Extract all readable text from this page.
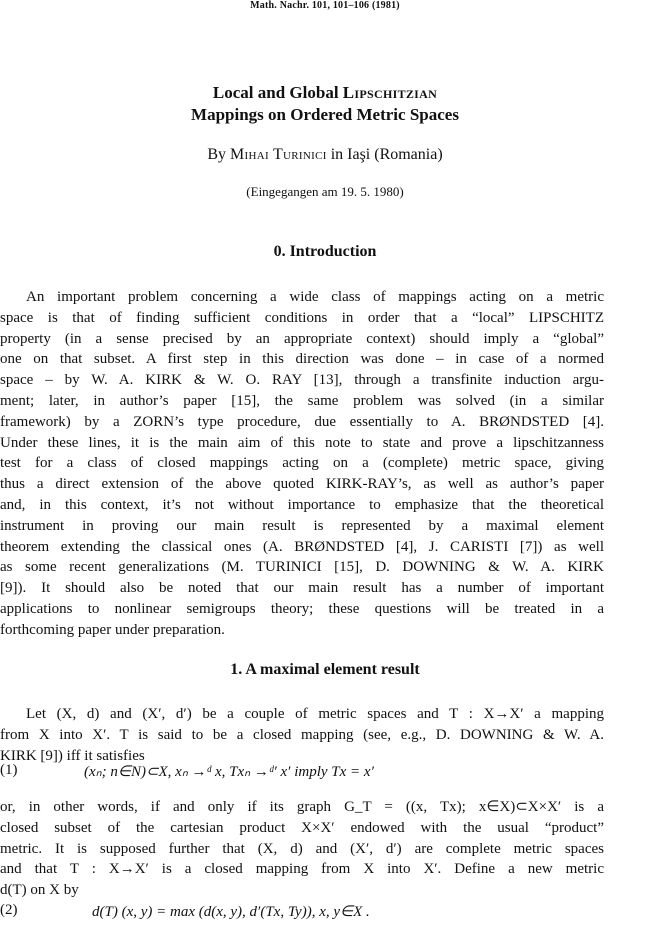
Math. Nachr. 101, 101–106 (1981)
Local and Global Lipschitzian
Mappings on Ordered Metric Spaces
By Mihai Turinici in Iaşi (Romania)
(Eingegangen am 19. 5. 1980)
0. Introduction
An important problem concerning a wide class of mappings acting on a metric
space is that of finding sufficient conditions in order that a “local” LIPSCHITZ
property (in a sense precised by an appropriate context) should imply a “global”
one on that subset. A first step in this direction was done – in case of a normed
space – by W. A. KIRK & W. O. RAY [13], through a transfinite induction argu-
ment; later, in author’s paper [15], the same problem was solved (in a similar
framework) by a ZORN’s type procedure, due essentially to A. BRØNDSTED [4].
Under these lines, it is the main aim of this note to state and prove a lipschitzanness
test for a class of closed mappings acting on a (complete) metric space, giving
thus a direct extension of the above quoted KIRK-RAY’s, as well as author’s paper
and, in this context, it’s not without importance to emphasize that the theoretical
instrument in proving our main result is represented by a maximal element
theorem extending the classical ones (A. BRØNDSTED [4], J. CARISTI [7]) as well
as some recent generalizations (M. TURINICI [15], D. DOWNING & W. A. KIRK
[9]). It should also be noted that our main result has a number of important
applications to nonlinear semigroups theory; these questions will be treated in a
forthcoming paper under preparation.
1. A maximal element result
Let (X, d) and (X′, d′) be a couple of metric spaces and T : X→X′ a mapping
from X into X′. T is said to be a closed mapping (see, e.g., D. DOWNING & W. A.
KIRK [9]) iff it satisfies
(1)	(xₙ; n∈N)⊂X, xₙ →ᵈ x, Txₙ →ᵈ′ x′ imply Tx = x′
or, in other words, if and only if its graph G_T = ((x, Tx); x∈X)⊂X×X′ is a
closed subset of the cartesian product X×X′ endowed with the usual “product”
metric. It is supposed further that (X, d) and (X′, d′) are complete metric spaces
and that T : X→X′ is a closed mapping from X into X′. Define a new metric
d(T) on X by
(2)	d(T) (x, y) = max (d(x, y), d′(Tx, Ty)), x, y∈X .
